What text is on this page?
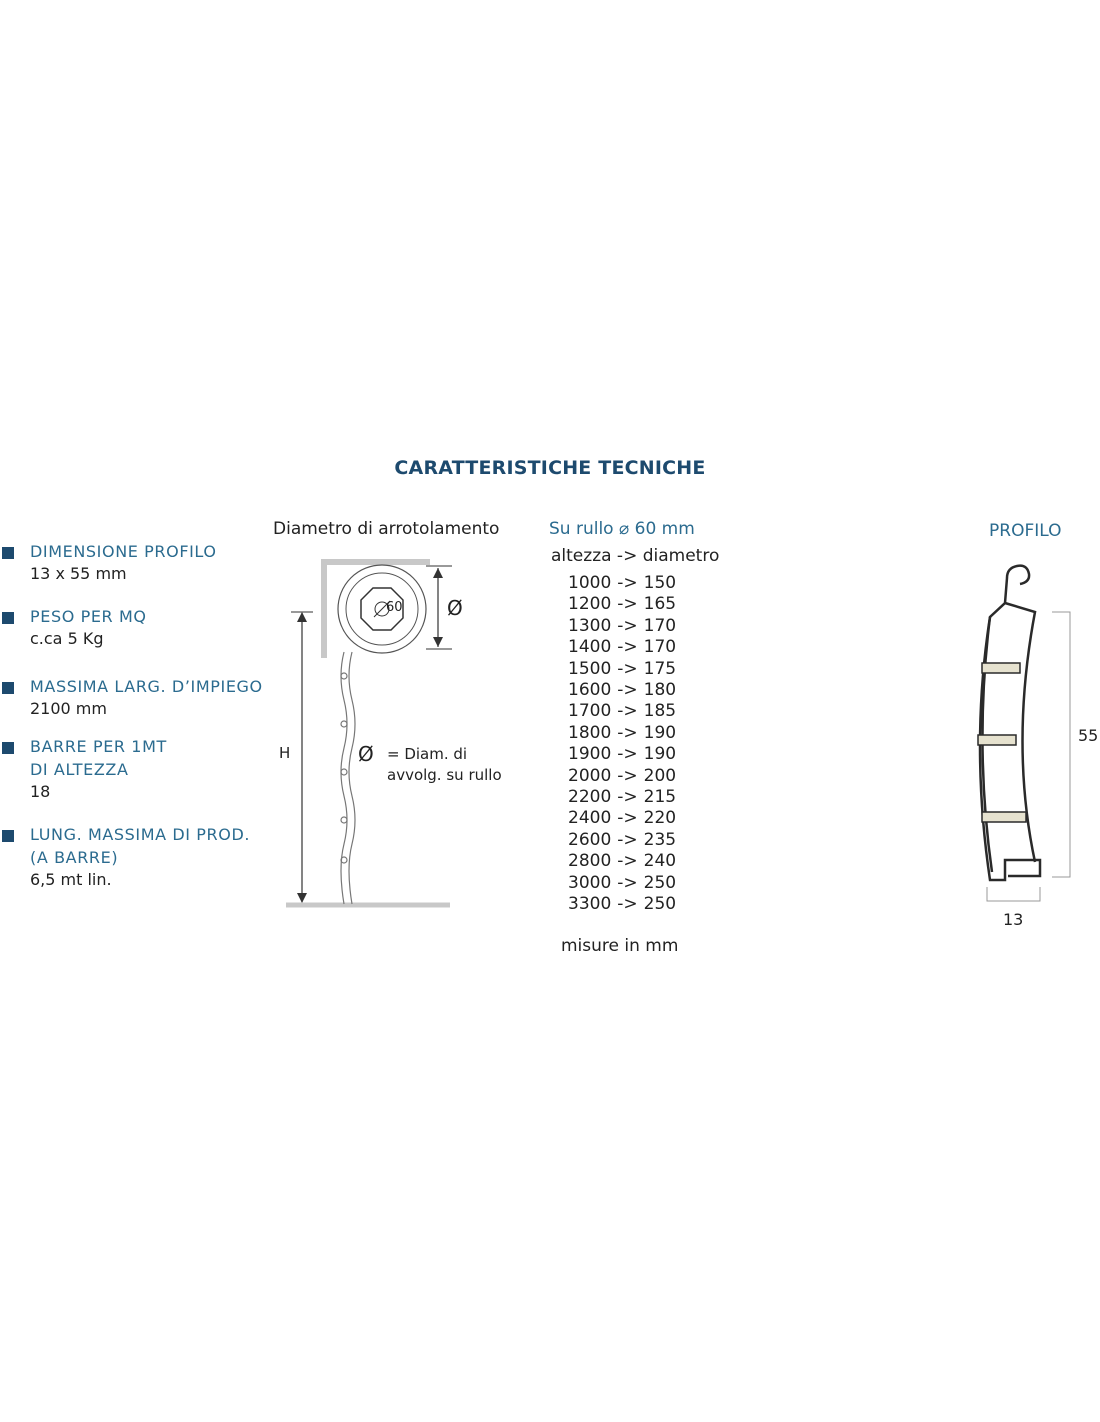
CARATTERISTICHE TECNICHE
DIMENSIONE PROFILO
13 x 55 mm
PESO PER MQ
c.ca 5 Kg
MASSIMA LARG. D’IMPIEGO
2100 mm
BARRE PER 1MT
DI ALTEZZA
18
LUNG. MASSIMA DI PROD.
(A BARRE)
6,5 mt lin.
Diametro di arrotolamento
60 Ø
H	Ø = Diam. di
avvolg. su rullo
Su rullo ⌀ 60 mm
altezza -> diametro
1000 -> 150
1200 -> 165
1300 -> 170
1400 -> 170
1500 -> 175
1600 -> 180
1700 -> 185
1800 -> 190
1900 -> 190
2000 -> 200
2200 -> 215
2400 -> 220
2600 -> 235
2800 -> 240
3000 -> 250
3300 -> 250
misure in mm
PROFILO
55
13
